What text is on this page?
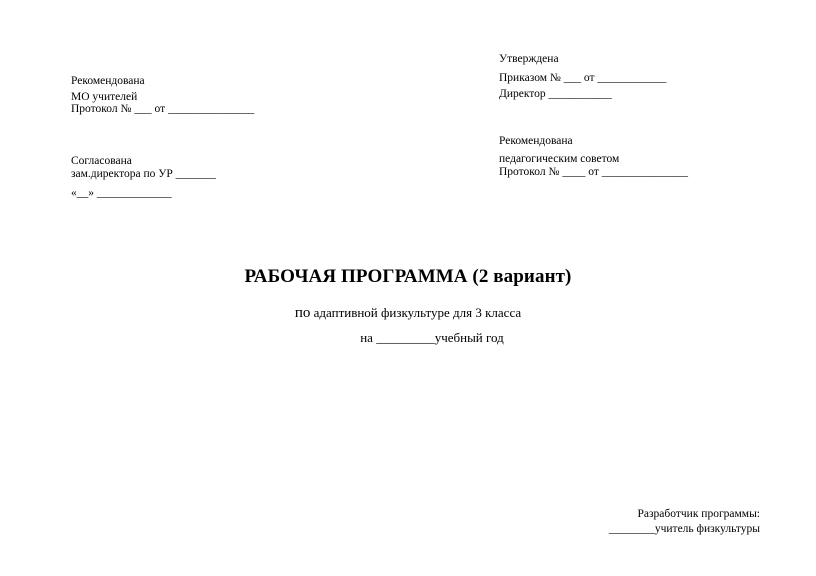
Утверждена
Приказом № ___ от ____________
Директор ___________
Рекомендована
МО учителей
Протокол № ___ от _______________
Рекомендована
педагогическим советом
Протокол № ____ от _______________
Согласована
зам.директора по УР _______
«__» _____________
РАБОЧАЯ ПРОГРАММА (2 вариант)
по адаптивной физкультуре для 3 класса
на _________учебный год
Разработчик программы:
________учитель физкультуры
